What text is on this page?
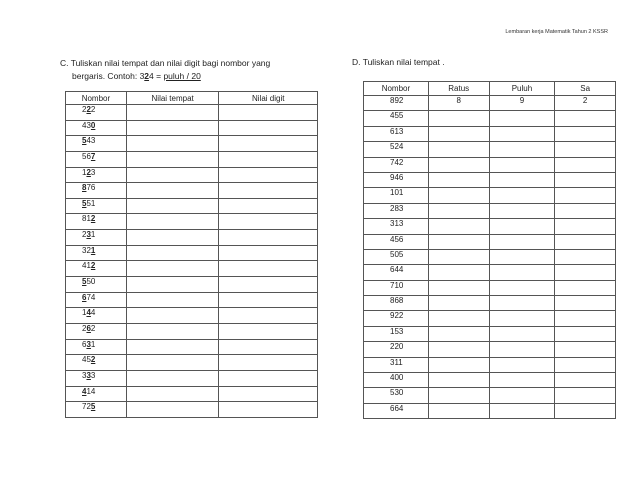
Lembaran kerja Matematik Tahun 2 KSSR
C. Tuliskan nilai tempat dan nilai digit bagi nombor yang
bergaris. Contoh: 324 = puluh / 20
D. Tuliskan nilai tempat .
Nombor	Nilai tempat	Nilai digit
222		
430		
543		
567		
123		
876		
551		
812		
231		
321		
412		
550		
674		
144		
262		
631		
452		
333		
414		
725		
Nombor	Ratus	Puluh	Sa
892	8	9	2
455			
613			
524			
742			
946			
101			
283			
313			
456			
505			
644			
710			
868			
922			
153			
220			
311			
400			
530			
664			
